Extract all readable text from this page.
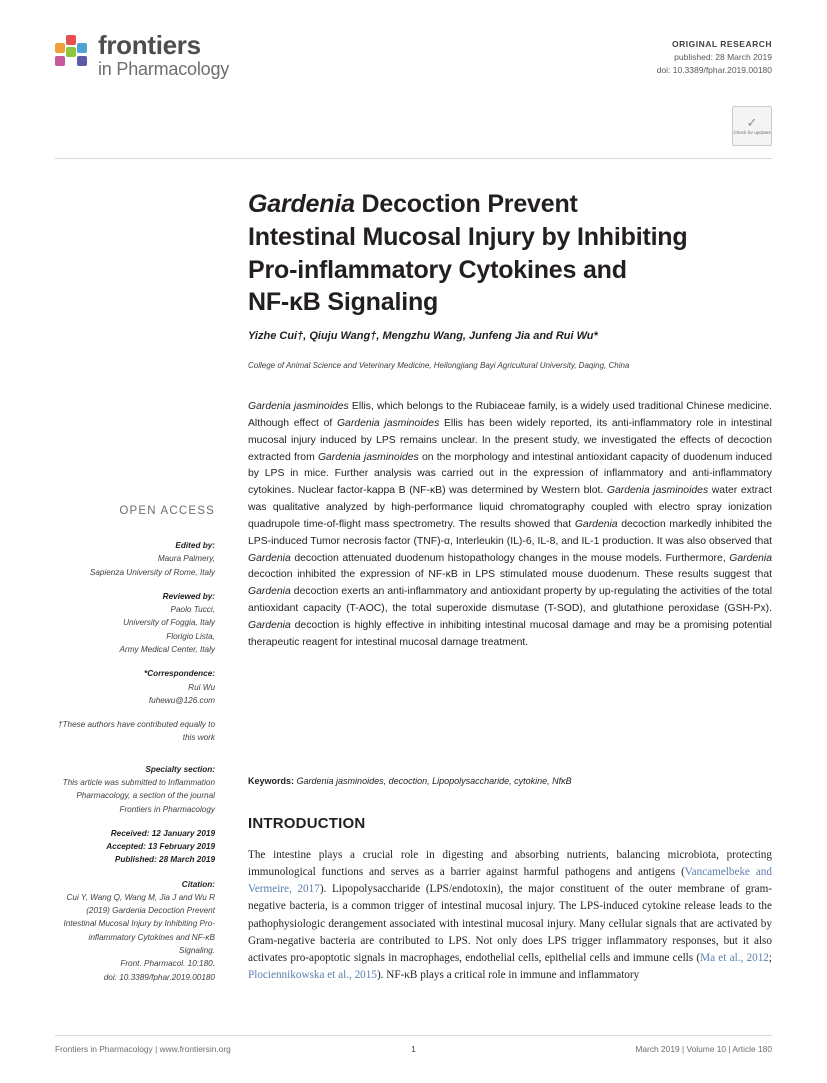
frontiers
in Pharmacology
ORIGINAL RESEARCH
published: 28 March 2019
doi: 10.3389/fphar.2019.00180
✓
Check for updates
Gardenia Decoction Prevent
Intestinal Mucosal Injury by Inhibiting
Pro-inflammatory Cytokines and
NF-κB Signaling
Yizhe Cui†, Qiuju Wang†, Mengzhu Wang, Junfeng Jia and Rui Wu*
College of Animal Science and Veterinary Medicine, Heilongjiang Bayi Agricultural University, Daqing, China
Gardenia jasminoides Ellis, which belongs to the Rubiaceae family, is a widely used traditional Chinese medicine. Although effect of Gardenia jasminoides Ellis has been widely reported, its anti-inflammatory role in intestinal mucosal injury induced by LPS remains unclear. In the present study, we investigated the effects of decoction extracted from Gardenia jasminoides on the morphology and intestinal antioxidant capacity of duodenum induced by LPS in mice. Further analysis was carried out in the expression of inflammatory and anti-inflammatory cytokines. Nuclear factor-kappa B (NF-κB) was determined by Western blot. Gardenia jasminoides water extract was qualitative analyzed by high-performance liquid chromatography coupled with electro spray ionization quadrupole time-of-flight mass spectrometry. The results showed that Gardenia decoction markedly inhibited the LPS-induced Tumor necrosis factor (TNF)-α, Interleukin (IL)-6, IL-8, and IL-1 production. It was also observed that Gardenia decoction attenuated duodenum histopathology changes in the mouse models. Furthermore, Gardenia decoction inhibited the expression of NF-κB in LPS stimulated mouse duodenum. These results suggest that Gardenia decoction exerts an anti-inflammatory and antioxidant property by up-regulating the activities of the total antioxidant capacity (T-AOC), the total superoxide dismutase (T-SOD), and glutathione peroxidase (GSH-Px). Gardenia decoction is highly effective in inhibiting intestinal mucosal damage and may be a promising potential therapeutic reagent for intestinal mucosal damage treatment.
Keywords: Gardenia jasminoides, decoction, Lipopolysaccharide, cytokine, NfκB
INTRODUCTION
The intestine plays a crucial role in digesting and absorbing nutrients, balancing microbiota, protecting immunological functions and serves as a barrier against harmful pathogens and antigens (Vancamelbeke and Vermeire, 2017). Lipopolysaccharide (LPS/endotoxin), the major constituent of the outer membrane of gram-negative bacteria, is a common trigger of intestinal mucosal injury. The LPS-induced cytokine release leads to the pathophysiologic derangement associated with intestinal mucosal injury. Many cellular signals that are activated by Gram-negative bacteria are contributed to LPS. Not only does LPS trigger inflammatory responses, but it also activates pro-apoptotic signals in macrophages, endothelial cells, epithelial cells and immune cells (Ma et al., 2012; Plociennikowska et al., 2015). NF-κB plays a critical role in immune and inflammatory
OPEN ACCESS
Edited by:
Maura Palmery,
Sapienza University of Rome, Italy
Reviewed by:
Paolo Tucci,
University of Foggia, Italy
Florigio Lista,
Army Medical Center, Italy
*Correspondence:
Rui Wu
fuhewu@126.com
†These authors have contributed equally to this work
Specialty section:
This article was submitted to Inflammation Pharmacology, a section of the journal Frontiers in Pharmacology
Received: 12 January 2019
Accepted: 13 February 2019
Published: 28 March 2019
Citation:
Cui Y, Wang Q, Wang M, Jia J and Wu R (2019) Gardenia Decoction Prevent Intestinal Mucosal Injury by Inhibiting Pro-inflammatory Cytokines and NF-κB Signaling.
Front. Pharmacol. 10:180.
doi: 10.3389/fphar.2019.00180
Frontiers in Pharmacology | www.frontiersin.org	1	March 2019 | Volume 10 | Article 180
